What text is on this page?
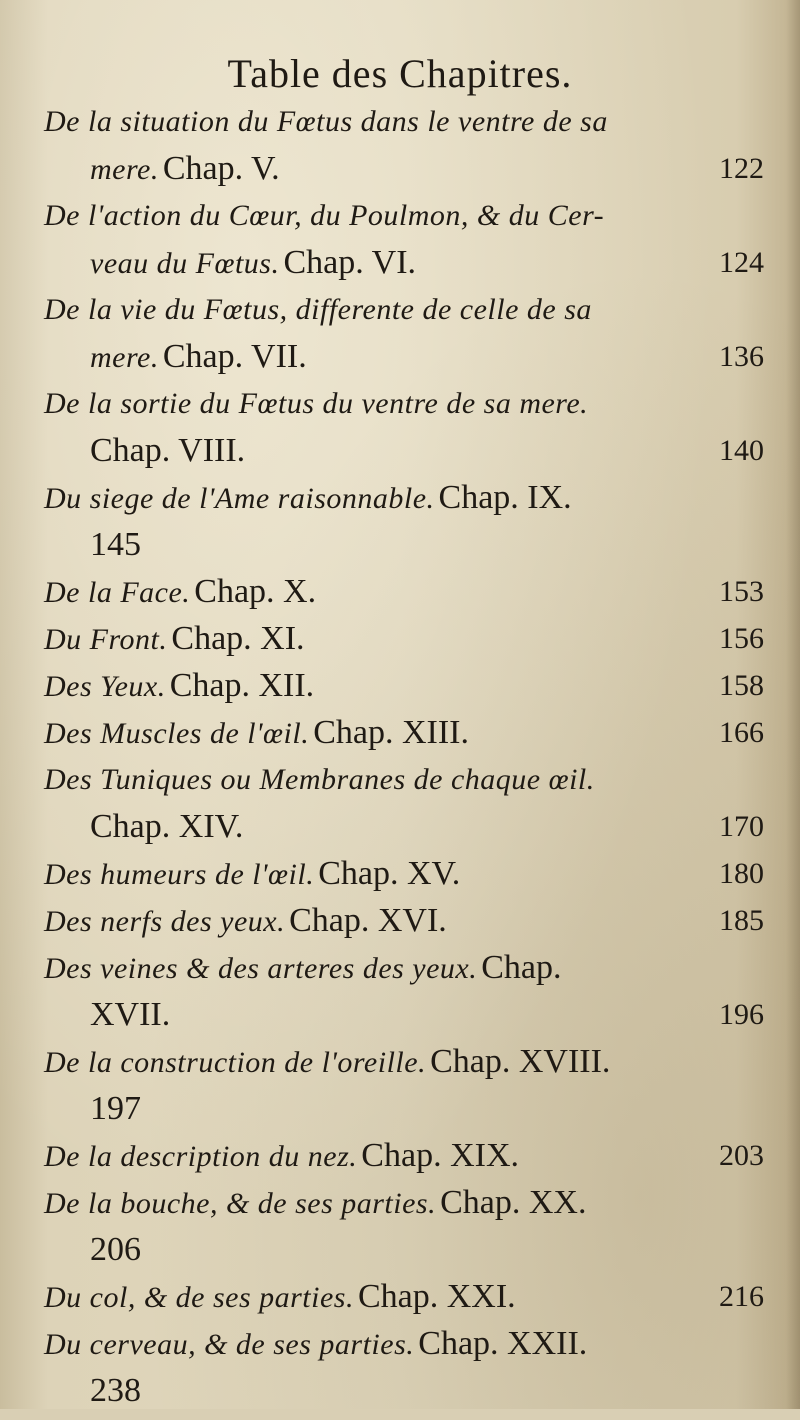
Table des Chapitres.
De la situation du Fœtus dans le ventre de sa
mere. Chap. V.	122
De l'action du Cœur, du Poulmon, & du Cer-
veau du Fœtus. Chap. VI.	124
De la vie du Fœtus, differente de celle de sa
mere. Chap. VII.	136
De la sortie du Fœtus du ventre de sa mere.
Chap. VIII.	140
Du siege de l'Ame raisonnable. Chap. IX.
145
De la Face. Chap. X.	153
Du Front. Chap. XI.	156
Des Yeux. Chap. XII.	158
Des Muscles de l'œil. Chap. XIII.	166
Des Tuniques ou Membranes de chaque œil.
Chap. XIV.	170
Des humeurs de l'œil. Chap. XV.	180
Des nerfs des yeux. Chap. XVI.	185
Des veines & des arteres des yeux. Chap.
XVII.	196
De la construction de l'oreille. Chap. XVIII.
197
De la description du nez. Chap. XIX.	203
De la bouche, & de ses parties. Chap. XX.
206
Du col, & de ses parties. Chap. XXI.	216
Du cerveau, & de ses parties. Chap. XXII.
238
